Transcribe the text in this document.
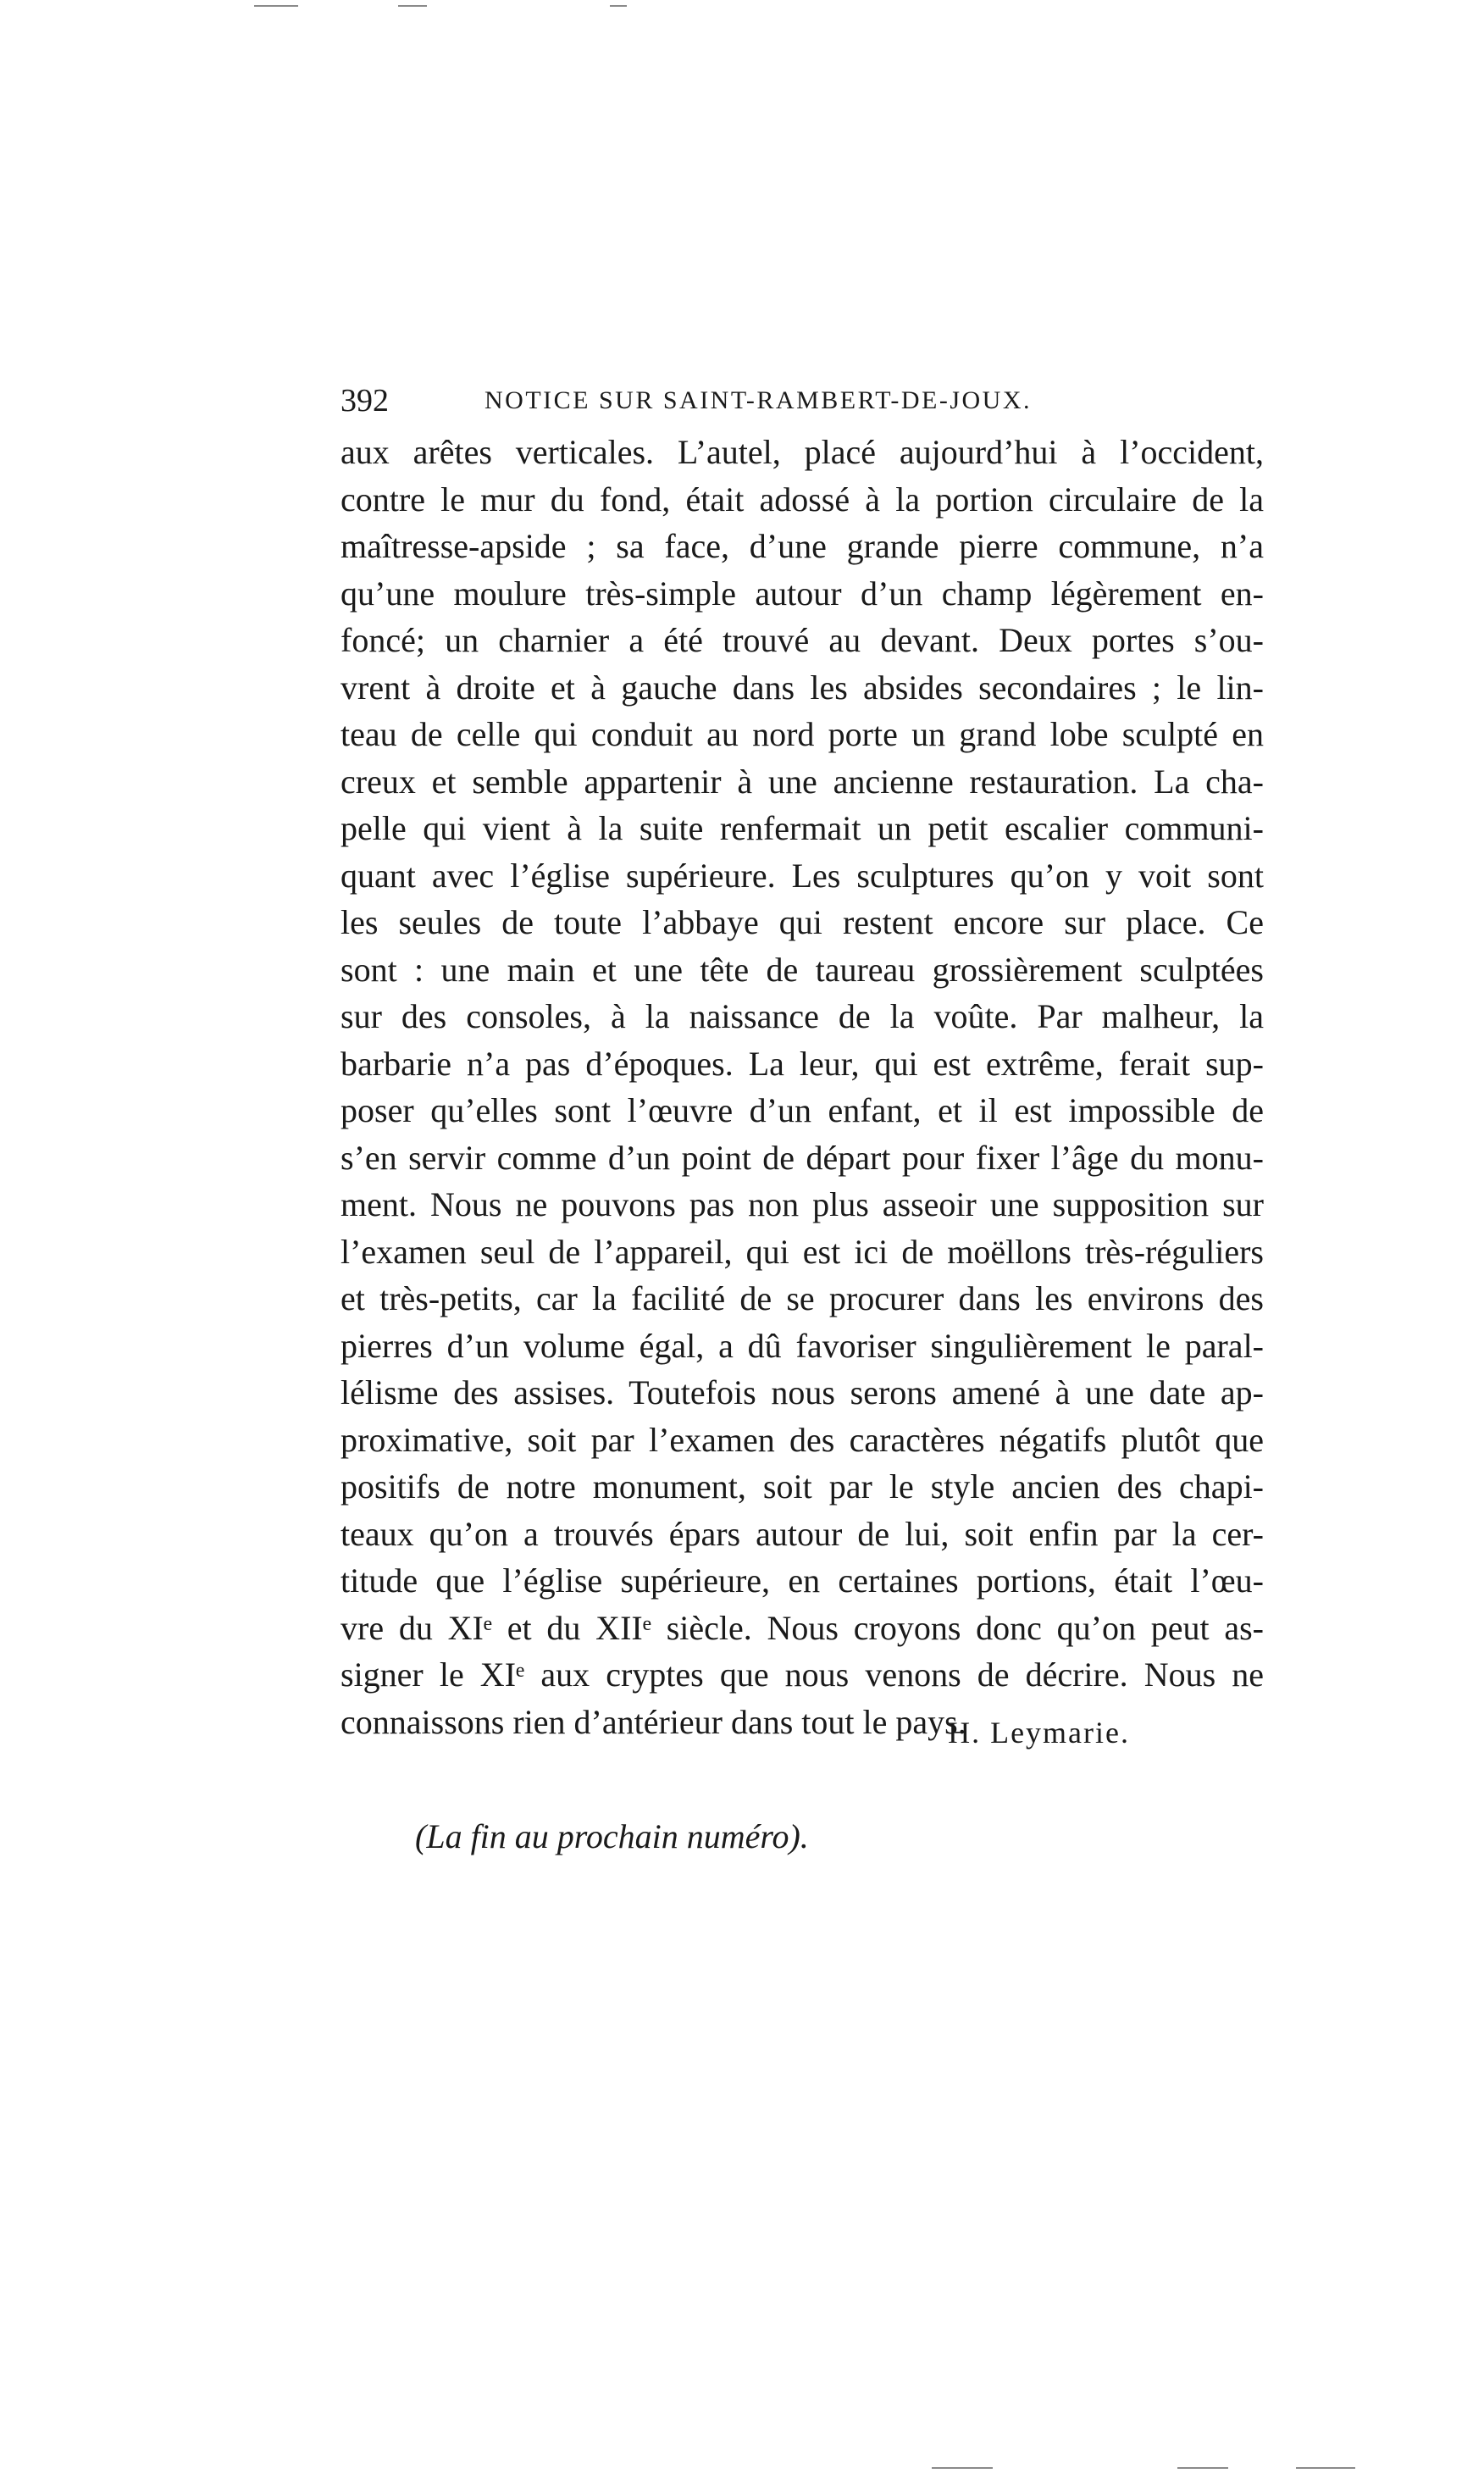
392	NOTICE SUR SAINT-RAMBERT-DE-JOUX.
aux arêtes verticales. L’autel, placé aujourd’hui à l’occident,
contre le mur du fond, était adossé à la portion circulaire de la
maîtresse-apside ; sa face, d’une grande pierre commune, n’a
qu’une moulure très-simple autour d’un champ légèrement en-
foncé; un charnier a été trouvé au devant. Deux portes s’ou-
vrent à droite et à gauche dans les absides secondaires ; le lin-
teau de celle qui conduit au nord porte un grand lobe sculpté en
creux et semble appartenir à une ancienne restauration. La cha-
pelle qui vient à la suite renfermait un petit escalier communi-
quant avec l’église supérieure. Les sculptures qu’on y voit sont
les seules de toute l’abbaye qui restent encore sur place. Ce
sont : une main et une tête de taureau grossièrement sculptées
sur des consoles, à la naissance de la voûte. Par malheur, la
barbarie n’a pas d’époques. La leur, qui est extrême, ferait sup-
poser qu’elles sont l’œuvre d’un enfant, et il est impossible de
s’en servir comme d’un point de départ pour fixer l’âge du monu-
ment. Nous ne pouvons pas non plus asseoir une supposition sur
l’examen seul de l’appareil, qui est ici de moëllons très-réguliers
et très-petits, car la facilité de se procurer dans les environs des
pierres d’un volume égal, a dû favoriser singulièrement le paral-
lélisme des assises. Toutefois nous serons amené à une date ap-
proximative, soit par l’examen des caractères négatifs plutôt que
positifs de notre monument, soit par le style ancien des chapi-
teaux qu’on a trouvés épars autour de lui, soit enfin par la cer-
titude que l’église supérieure, en certaines portions, était l’œu-
vre du XIᵉ et du XIIᵉ siècle. Nous croyons donc qu’on peut as-
signer le XIᵉ aux cryptes que nous venons de décrire. Nous ne
connaissons rien d’antérieur dans tout le pays.
H. Leymarie.
(La fin au prochain numéro).
